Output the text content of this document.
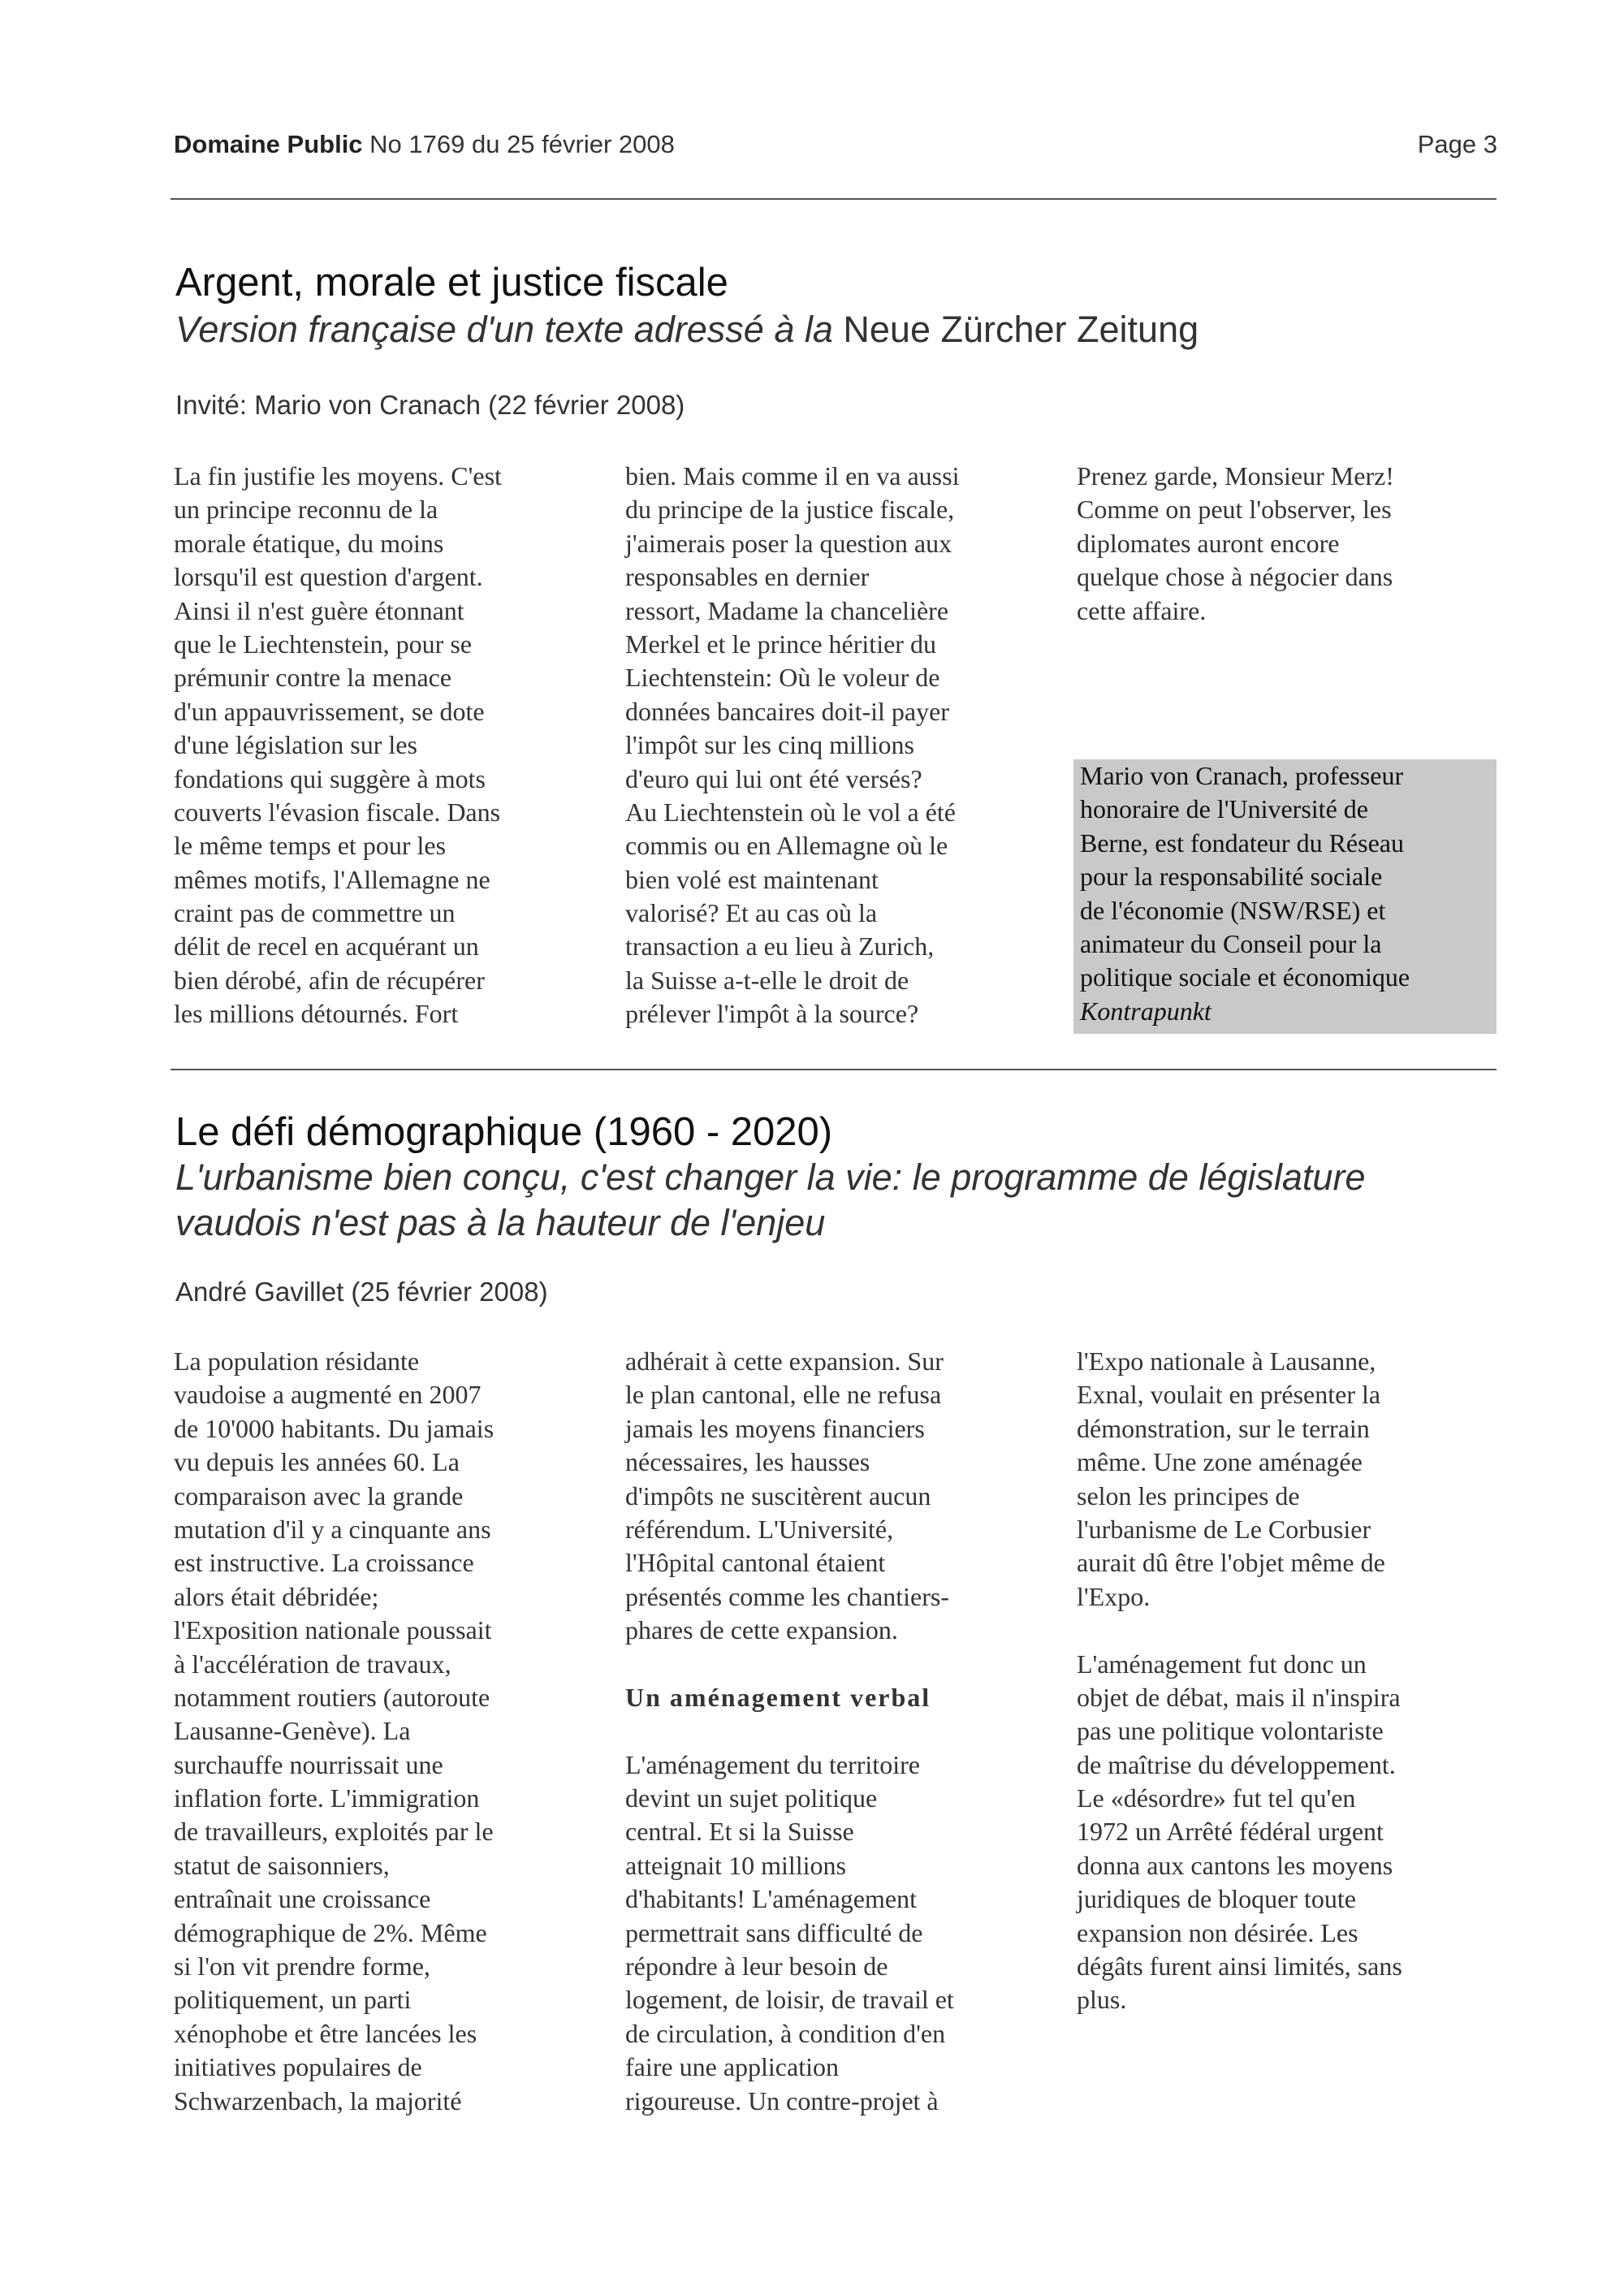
Domaine Public No 1769 du 25 février 2008	Page 3
Argent, morale et justice fiscale
Version française d'un texte adressé à la Neue Zürcher Zeitung
Invité: Mario von Cranach (22 février 2008)
La fin justifie les moyens. C'est
un principe reconnu de la
morale étatique, du moins
lorsqu'il est question d'argent.
Ainsi il n'est guère étonnant
que le Liechtenstein, pour se
prémunir contre la menace
d'un appauvrissement, se dote
d'une législation sur les
fondations qui suggère à mots
couverts l'évasion fiscale. Dans
le même temps et pour les
mêmes motifs, l'Allemagne ne
craint pas de commettre un
délit de recel en acquérant un
bien dérobé, afin de récupérer
les millions détournés. Fort
bien. Mais comme il en va aussi
du principe de la justice fiscale,
j'aimerais poser la question aux
responsables en dernier
ressort, Madame la chancelière
Merkel et le prince héritier du
Liechtenstein: Où le voleur de
données bancaires doit-il payer
l'impôt sur les cinq millions
d'euro qui lui ont été versés?
Au Liechtenstein où le vol a été
commis ou en Allemagne où le
bien volé est maintenant
valorisé? Et au cas où la
transaction a eu lieu à Zurich,
la Suisse a-t-elle le droit de
prélever l'impôt à la source?
Prenez garde, Monsieur Merz!
Comme on peut l'observer, les
diplomates auront encore
quelque chose à négocier dans
cette affaire.
Mario von Cranach, professeur
honoraire de l'Université de
Berne, est fondateur du Réseau
pour la responsabilité sociale
de l'économie (NSW/RSE) et
animateur du Conseil pour la
politique sociale et économique
Kontrapunkt
Le défi démographique (1960 - 2020)
L'urbanisme bien conçu, c'est changer la vie: le programme de législature
vaudois n'est pas à la hauteur de l'enjeu
André Gavillet (25 février 2008)
La population résidante
vaudoise a augmenté en 2007
de 10'000 habitants. Du jamais
vu depuis les années 60. La
comparaison avec la grande
mutation d'il y a cinquante ans
est instructive. La croissance
alors était débridée;
l'Exposition nationale poussait
à l'accélération de travaux,
notamment routiers (autoroute
Lausanne-Genève). La
surchauffe nourrissait une
inflation forte. L'immigration
de travailleurs, exploités par le
statut de saisonniers,
entraînait une croissance
démographique de 2%. Même
si l'on vit prendre forme,
politiquement, un parti
xénophobe et être lancées les
initiatives populaires de
Schwarzenbach, la majorité
adhérait à cette expansion. Sur
le plan cantonal, elle ne refusa
jamais les moyens financiers
nécessaires, les hausses
d'impôts ne suscitèrent aucun
référendum. L'Université,
l'Hôpital cantonal étaient
présentés comme les chantiers-
phares de cette expansion.
Un aménagement verbal
L'aménagement du territoire
devint un sujet politique
central. Et si la Suisse
atteignait 10 millions
d'habitants! L'aménagement
permettrait sans difficulté de
répondre à leur besoin de
logement, de loisir, de travail et
de circulation, à condition d'en
faire une application
rigoureuse. Un contre-projet à
l'Expo nationale à Lausanne,
Exnal, voulait en présenter la
démonstration, sur le terrain
même. Une zone aménagée
selon les principes de
l'urbanisme de Le Corbusier
aurait dû être l'objet même de
l'Expo.
L'aménagement fut donc un
objet de débat, mais il n'inspira
pas une politique volontariste
de maîtrise du développement.
Le «désordre» fut tel qu'en
1972 un Arrêté fédéral urgent
donna aux cantons les moyens
juridiques de bloquer toute
expansion non désirée. Les
dégâts furent ainsi limités, sans
plus.
